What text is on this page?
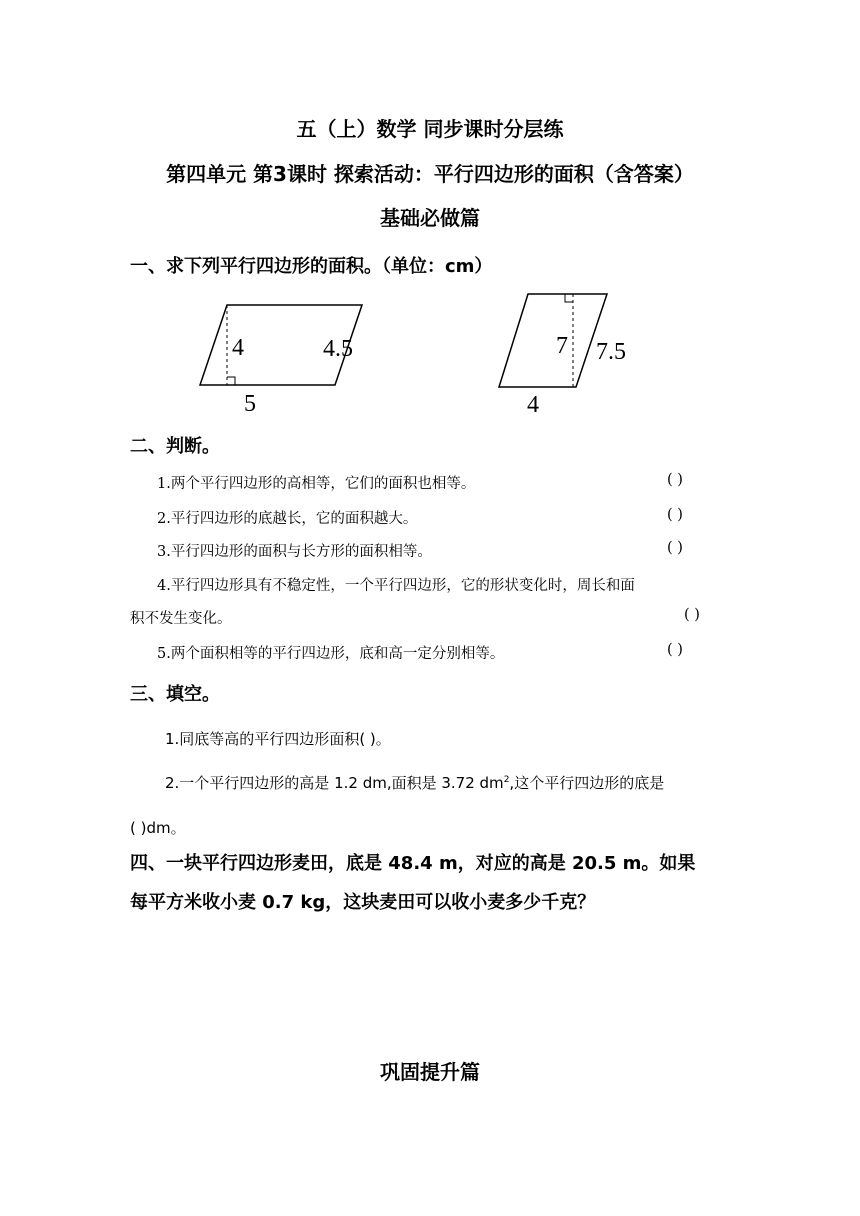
五（上）数学 同步课时分层练
第四单元 第3课时 探索活动：平行四边形的面积（含答案）
基础必做篇
一、求下列平行四边形的面积。（单位：cm）
4	4.5
5
7 7.5
4
二、判断。
1.两个平行四边形的高相等，它们的面积也相等。	( )
2.平行四边形的底越长，它的面积越大。	( )
3.平行四边形的面积与长方形的面积相等。	( )
4.平行四边形具有不稳定性，一个平行四边形，它的形状变化时，周长和面
积不发生变化。	( )
5.两个面积相等的平行四边形，底和高一定分别相等。	( )
三、填空。
1.同底等高的平行四边形面积( )。
2.一个平行四边形的高是 1.2 dm,面积是 3.72 $dm^2$,这个平行四边形的底是
( )dm。
四、一块平行四边形麦田，底是 48.4 m，对应的高是 20.5 m。如果
每平方米收小麦 0.7 kg，这块麦田可以收小麦多少千克？
巩固提升篇
